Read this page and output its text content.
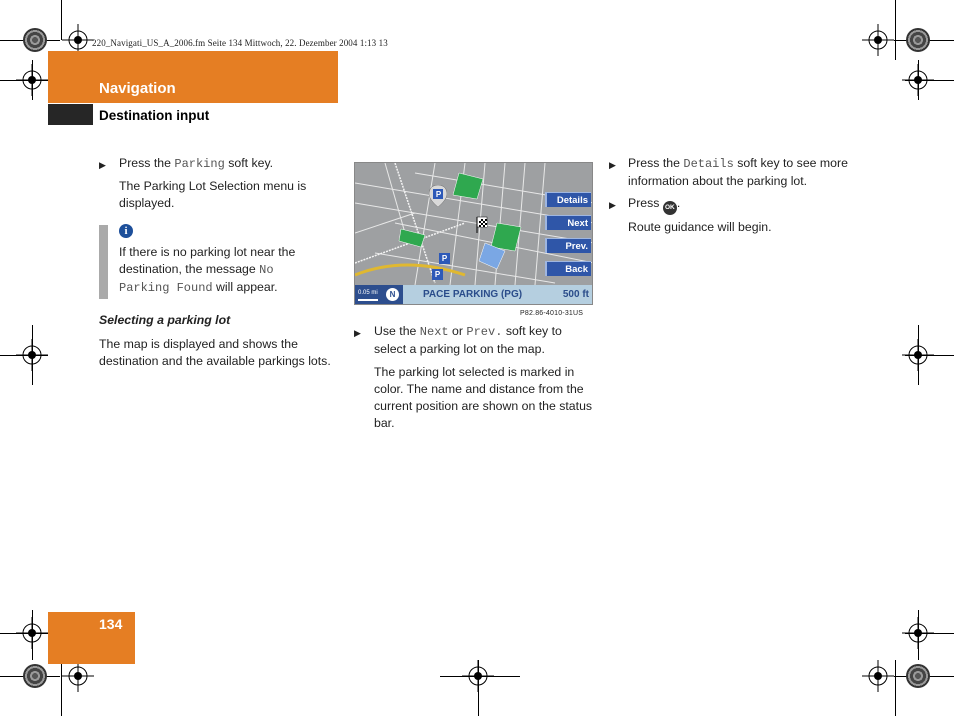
220_Navigati_US_A_2006.fm Seite 134 Mittwoch, 22. Dezember 2004 1:13 13
Navigation
Destination input
▶ Press the Parking soft key.
The Parking Lot Selection menu is displayed.
i
If there is no parking lot near the destination, the message No Parking Found will appear.
Selecting a parking lot
The map is displayed and shows the destination and the available parkings lots.
P
P
P
Details
Next
Prev.
Back
0.05 mi	N	PACE PARKING (PG)	500 ft
P82.86-4010-31US
▶ Use the Next or Prev. soft key to select a parking lot on the map.
The parking lot selected is marked in color. The name and distance from the current position are shown on the status bar.
▶ Press the Details soft key to see more information about the parking lot.
▶ Press OK .
Route guidance will begin.
134
